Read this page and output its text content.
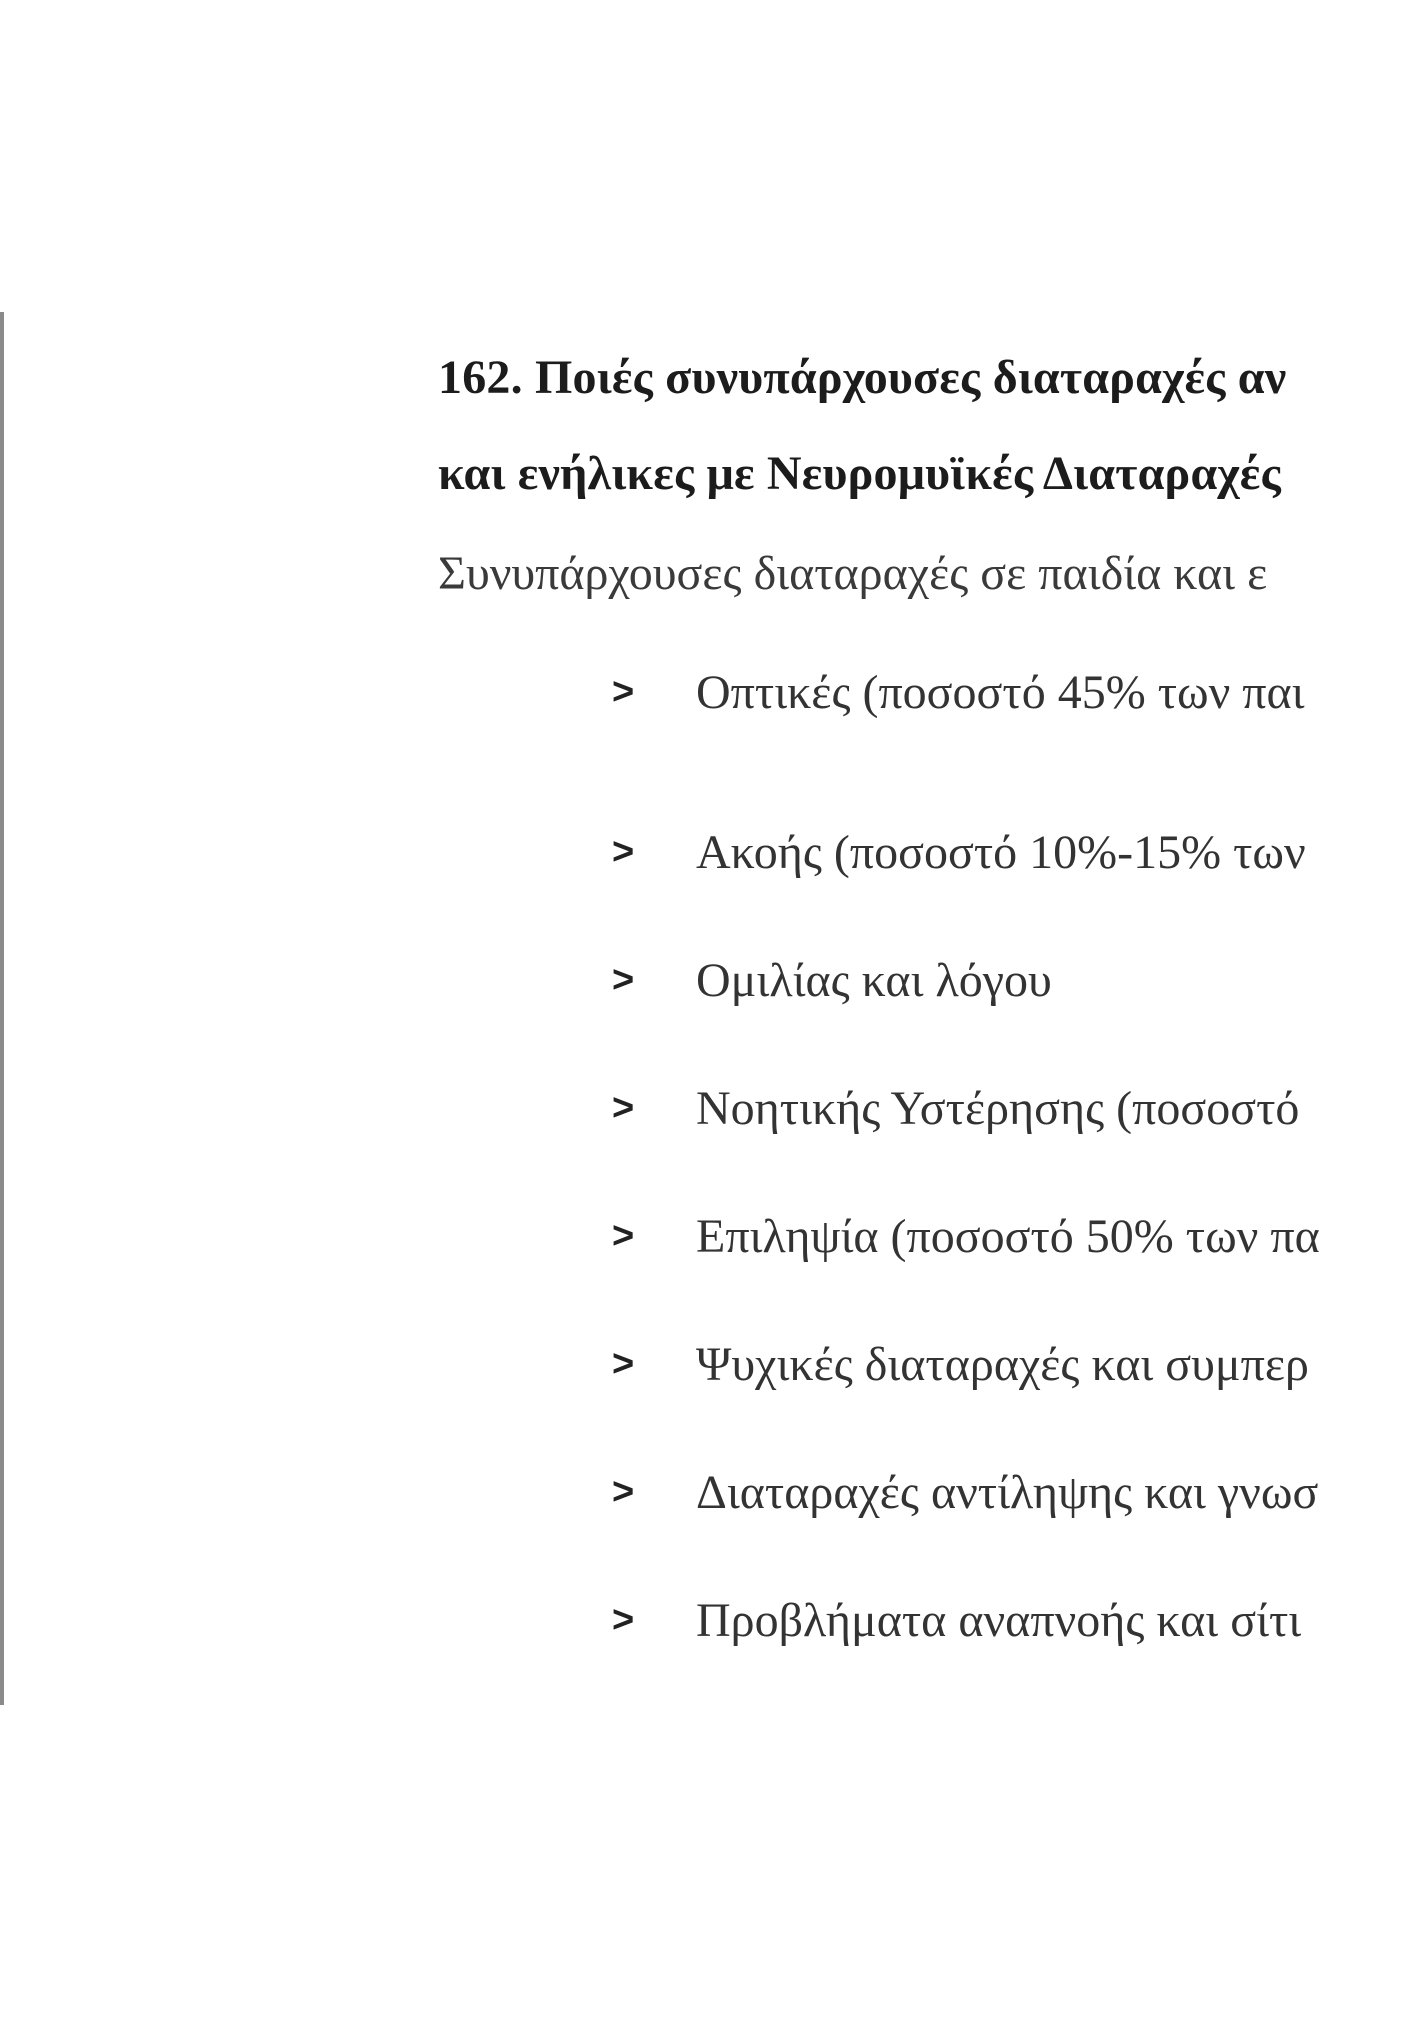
162. Ποιές συνυπάρχουσες διαταραχές αν
και ενήλικες με Νευρομυϊκές Διαταραχές
Συνυπάρχουσες διαταραχές σε παιδία και ε
>	Οπτικές (ποσοστό 45% των παι
>	Ακοής (ποσοστό 10%-15% των
>	Ομιλίας και λόγου
>	Νοητικής Υστέρησης (ποσοστό
>	Επιληψία (ποσοστό 50% των πα
>	Ψυχικές διαταραχές και συμπερ
>	Διαταραχές αντίληψης και γνωσ
>	Προβλήματα αναπνοής και σίτι
